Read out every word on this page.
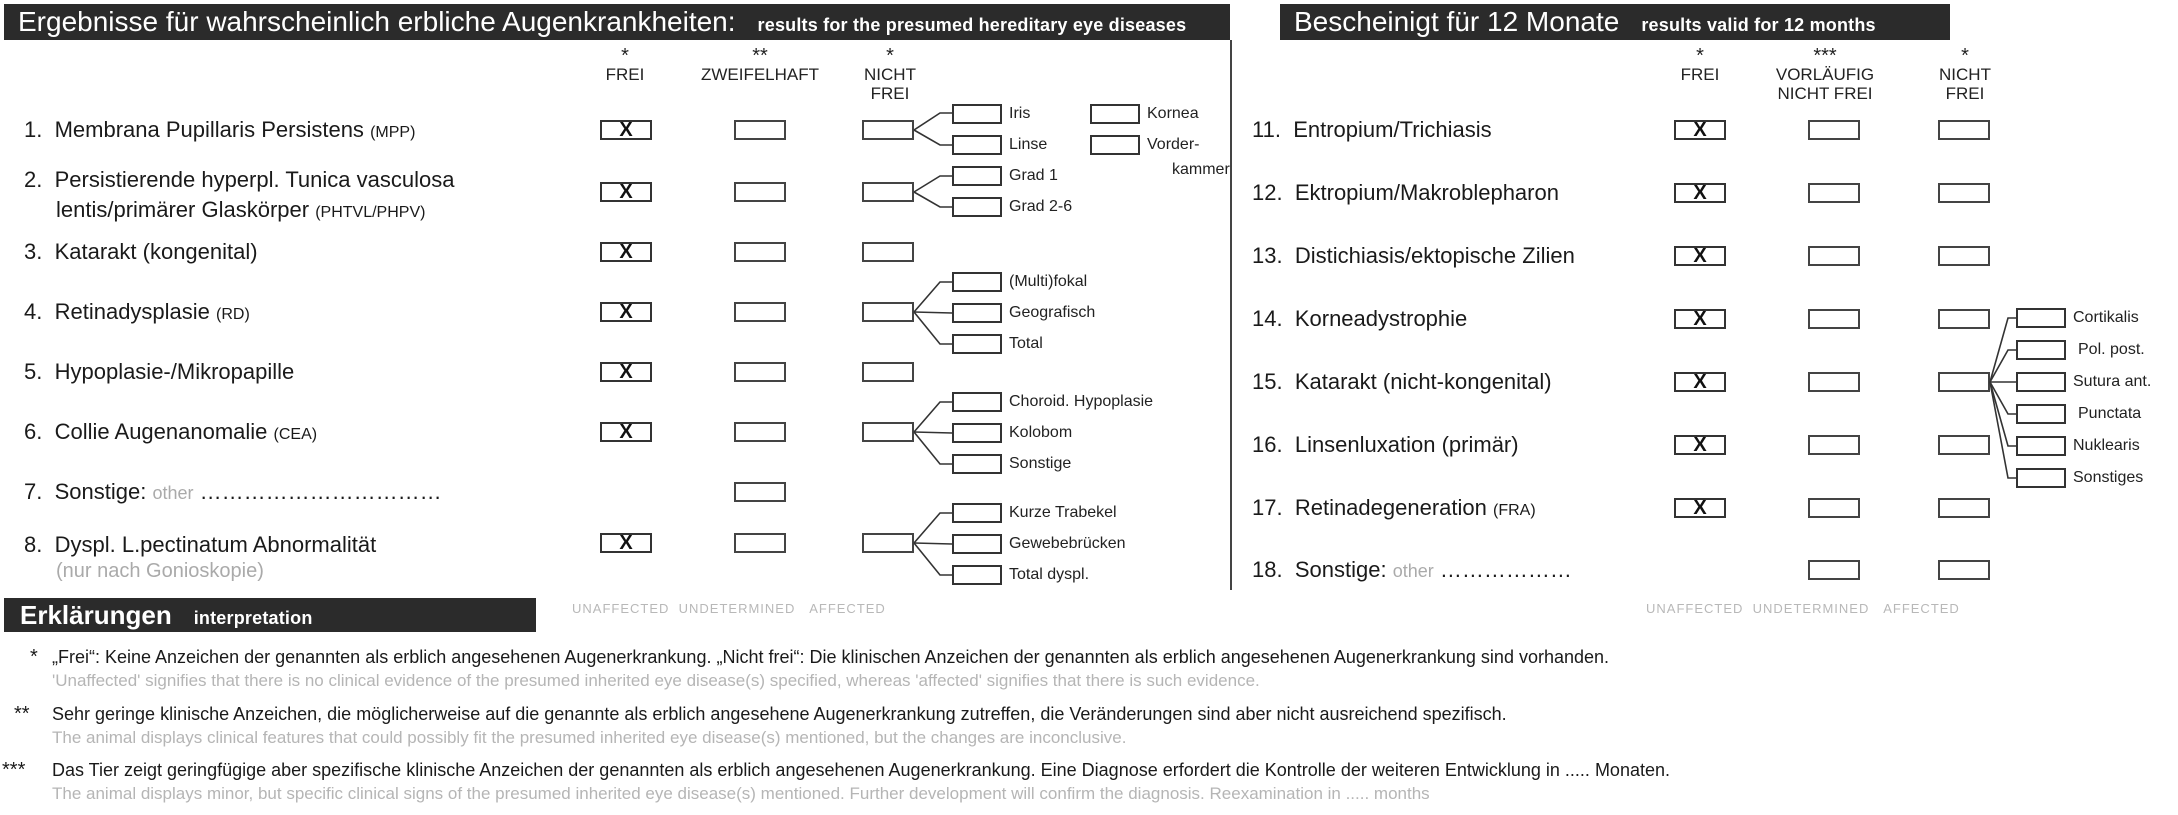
Ergebnisse für wahrscheinlich erbliche Augenkrankheiten: results for the presumed hereditary eye diseases	Bescheinigt für 12 Monate results valid for 12 months
*
FREI
**
ZWEIFELHAFT
*
NICHT
FREI
*
FREI
***
VORLÄUFIG
NICHT FREI
*
NICHT
FREI
1. Membrana Pupillaris Persistens (MPP)
2. Persistierende hyperpl. Tunica vasculosa
lentis/primärer Glaskörper (PHTVL/PHPV)
3. Katarakt (kongenital)
4. Retinadysplasie (RD)
5. Hypoplasie-/Mikropapille
6. Collie Augenanomalie (CEA)
7. Sonstige: other ……………………………
8. Dyspl. L.pectinatum Abnormalität
(nur nach Gonioskopie)
X
X
X
X
X
X
X
Iris
Linse
Kornea
Vorder-
kammer
Grad 1
Grad 2-6
(Multi)fokal
Geografisch
Total
Choroid. Hypoplasie
Kolobom
Sonstige
Kurze Trabekel
Gewebebrücken
Total dyspl.
11. Entropium/Trichiasis
12. Ektropium/Makroblepharon
13. Distichiasis/ektopische Zilien
14. Korneadystrophie
15. Katarakt (nicht-kongenital)
16. Linsenluxation (primär)
17. Retinadegeneration (FRA)
18. Sonstige: other ………………
X
X
X
X
X
X
X
Cortikalis
Pol. post.
Sutura ant.
Punctata
Nuklearis
Sonstiges
UNAFFECTED UNDETERMINED AFFECTED	UNAFFECTED UNDETERMINED AFFECTED
Erklärungen interpretation
* „Frei“: Keine Anzeichen der genannten als erblich angesehenen Augenerkrankung. „Nicht frei“: Die klinischen Anzeichen der genannten als erblich angesehenen Augenerkrankung sind vorhanden.
'Unaffected' signifies that there is no clinical evidence of the presumed inherited eye disease(s) specified, whereas 'affected' signifies that there is such evidence.
** Sehr geringe klinische Anzeichen, die möglicherweise auf die genannte als erblich angesehene Augenerkrankung zutreffen, die Veränderungen sind aber nicht ausreichend spezifisch.
The animal displays clinical features that could possibly fit the presumed inherited eye disease(s) mentioned, but the changes are inconclusive.
*** Das Tier zeigt geringfügige aber spezifische klinische Anzeichen der genannten als erblich angesehenen Augenerkrankung. Eine Diagnose erfordert die Kontrolle der weiteren Entwicklung in ..... Monaten.
The animal displays minor, but specific clinical signs of the presumed inherited eye disease(s) mentioned. Further development will confirm the diagnosis. Reexamination in ..... months
